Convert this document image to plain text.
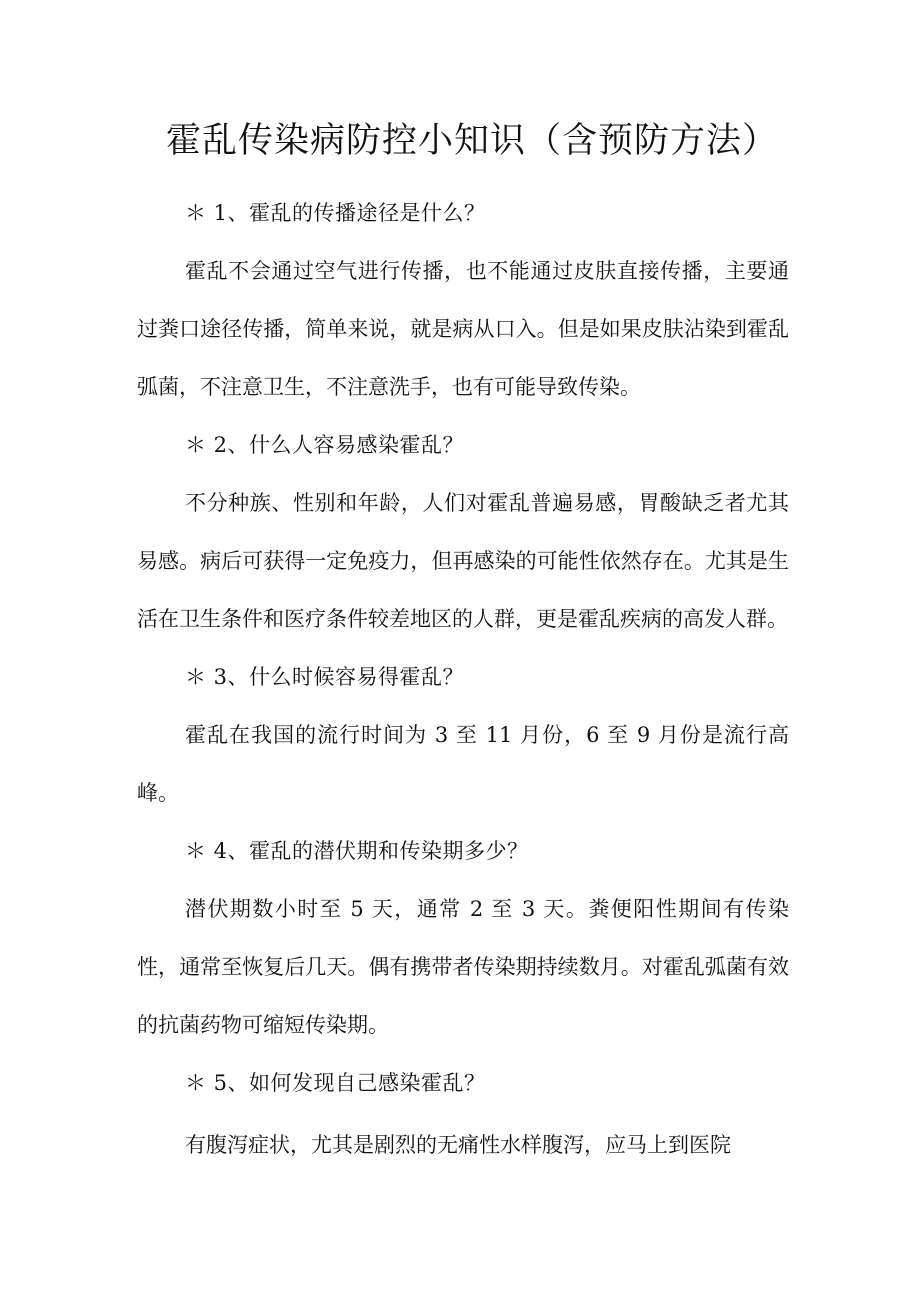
霍乱传染病防控小知识（含预防方法）

＊ 1、霍乱的传播途径是什么？

霍乱不会通过空气进行传播，也不能通过皮肤直接传播，主要通过粪口途径传播，简单来说，就是病从口入。但是如果皮肤沾染到霍乱弧菌，不注意卫生，不注意洗手，也有可能导致传染。

＊ 2、什么人容易感染霍乱？

不分种族、性别和年龄，人们对霍乱普遍易感，胃酸缺乏者尤其易感。病后可获得一定免疫力，但再感染的可能性依然存在。尤其是生活在卫生条件和医疗条件较差地区的人群，更是霍乱疾病的高发人群。

＊ 3、什么时候容易得霍乱？

霍乱在我国的流行时间为 3 至 11 月份，6 至 9 月份是流行高峰。

＊ 4、霍乱的潜伏期和传染期多少？

潜伏期数小时至 5 天，通常 2 至 3 天。粪便阳性期间有传染性，通常至恢复后几天。偶有携带者传染期持续数月。对霍乱弧菌有效的抗菌药物可缩短传染期。

＊ 5、如何发现自己感染霍乱？

有腹泻症状，尤其是剧烈的无痛性水样腹泻，应马上到医院
